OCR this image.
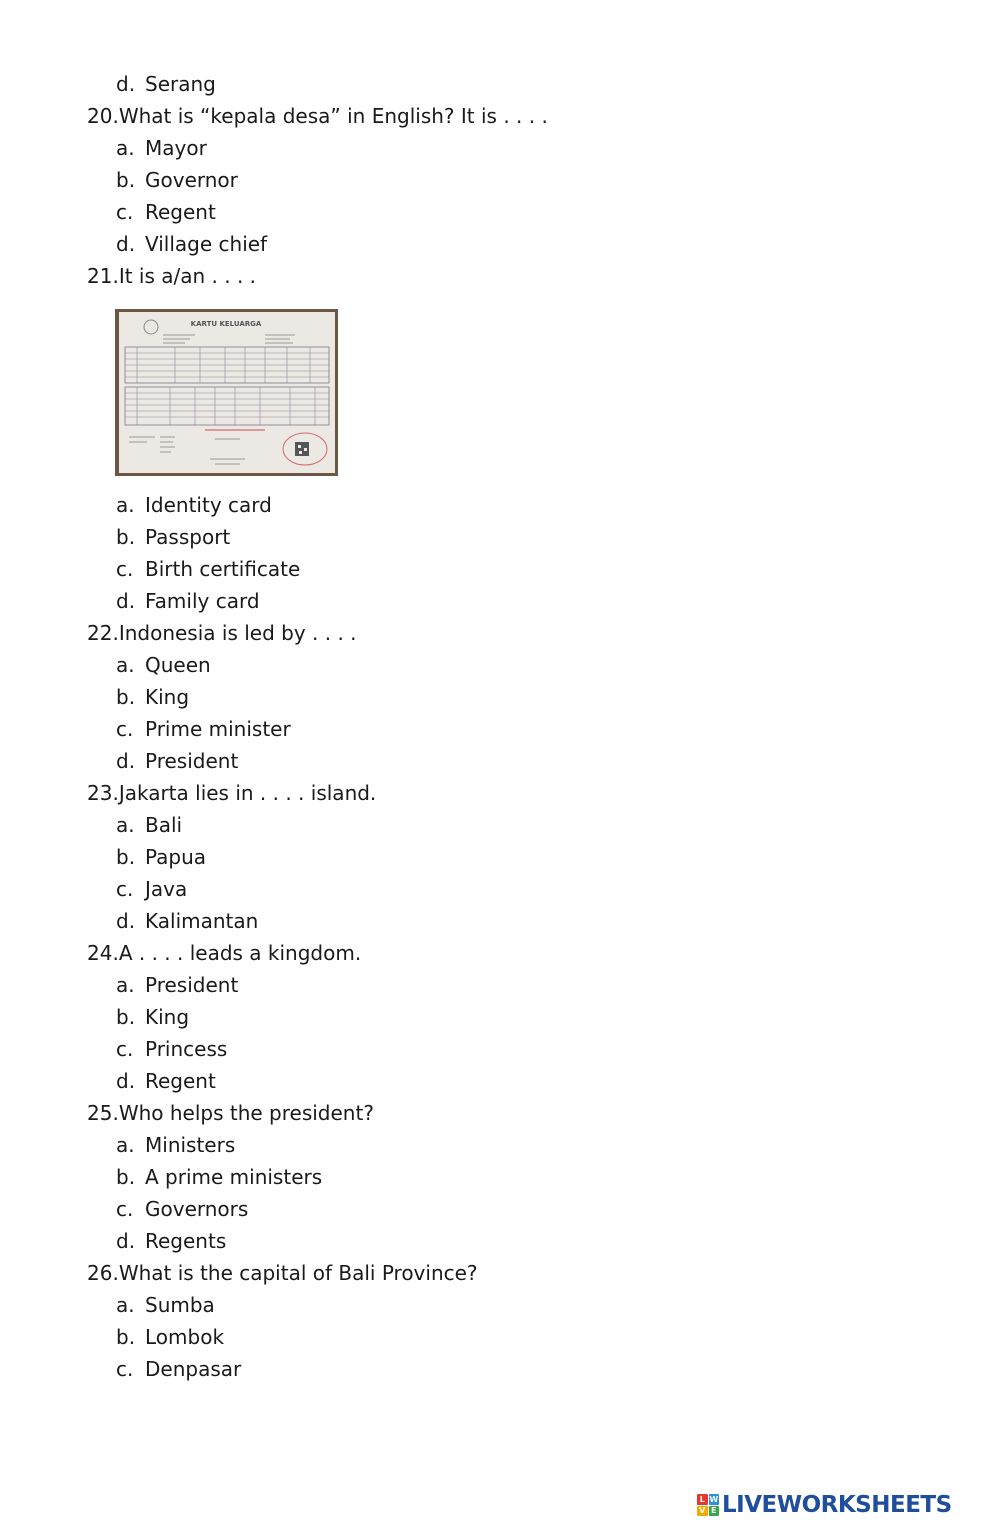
d. Serang
20.What is “kepala desa” in English? It is . . . .
a. Mayor
b. Governor
c. Regent
d. Village chief
21.It is a/an . . . .
KARTU KELUARGA
a. Identity card
b. Passport
c. Birth certificate
d. Family card
22.Indonesia is led by . . . .
a. Queen
b. King
c. Prime minister
d. President
23.Jakarta lies in . . . . island.
a. Bali
b. Papua
c. Java
d. Kalimantan
24.A . . . . leads a kingdom.
a. President
b. King
c. Princess
d. Regent
25.Who helps the president?
a. Ministers
b. A prime ministers
c. Governors
d. Regents
26.What is the capital of Bali Province?
a. Sumba
b. Lombok
c. Denpasar
L W
V E LIVEWORKSHEETS
